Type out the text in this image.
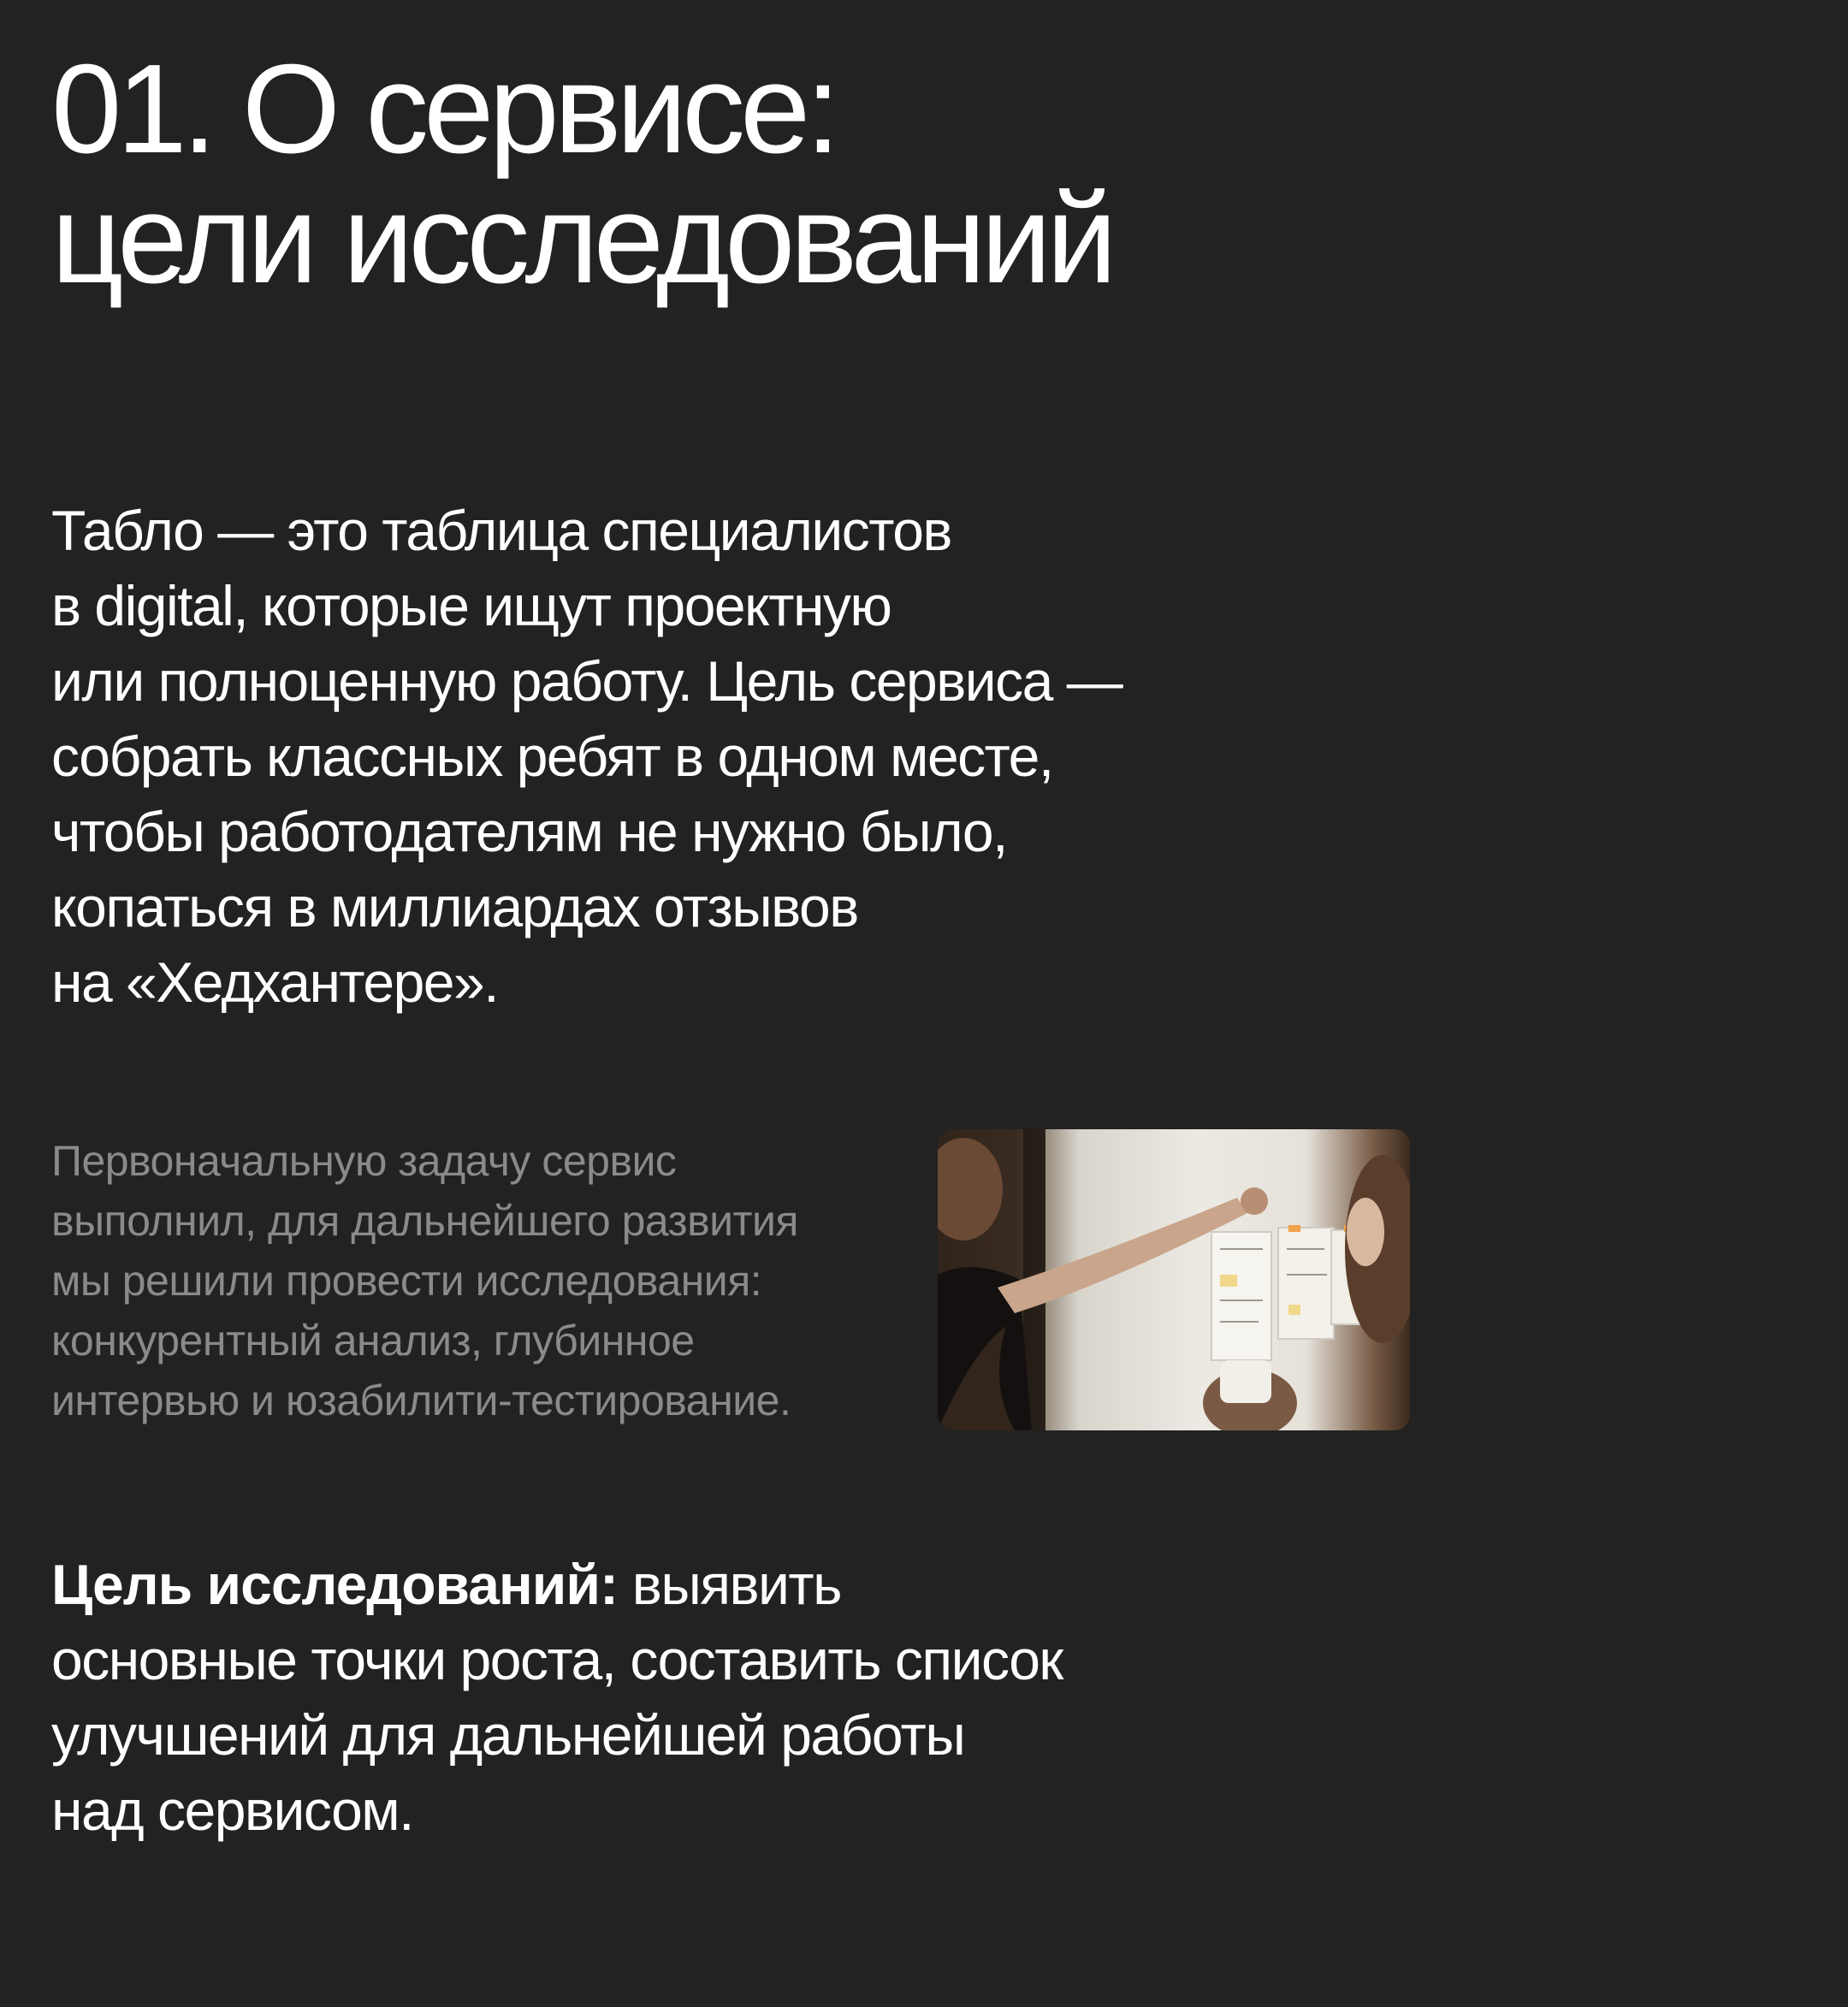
01. О сервисе:
цели исследований

Табло — это таблица специалистов
в digital, которые ищут проектную
или полноценную работу. Цель сервиса —
собрать классных ребят в одном месте,
чтобы работодателям не нужно было,
копаться в миллиардах отзывов
на «Хедхантере».

Первоначальную задачу сервис
выполнил, для дальнейшего развития
мы решили провести исследования:
конкурентный анализ, глубинное
интервью и юзабилити-тестирование.

Цель исследований: выявить
основные точки роста, составить список
улучшений для дальнейшей работы
над сервисом.
